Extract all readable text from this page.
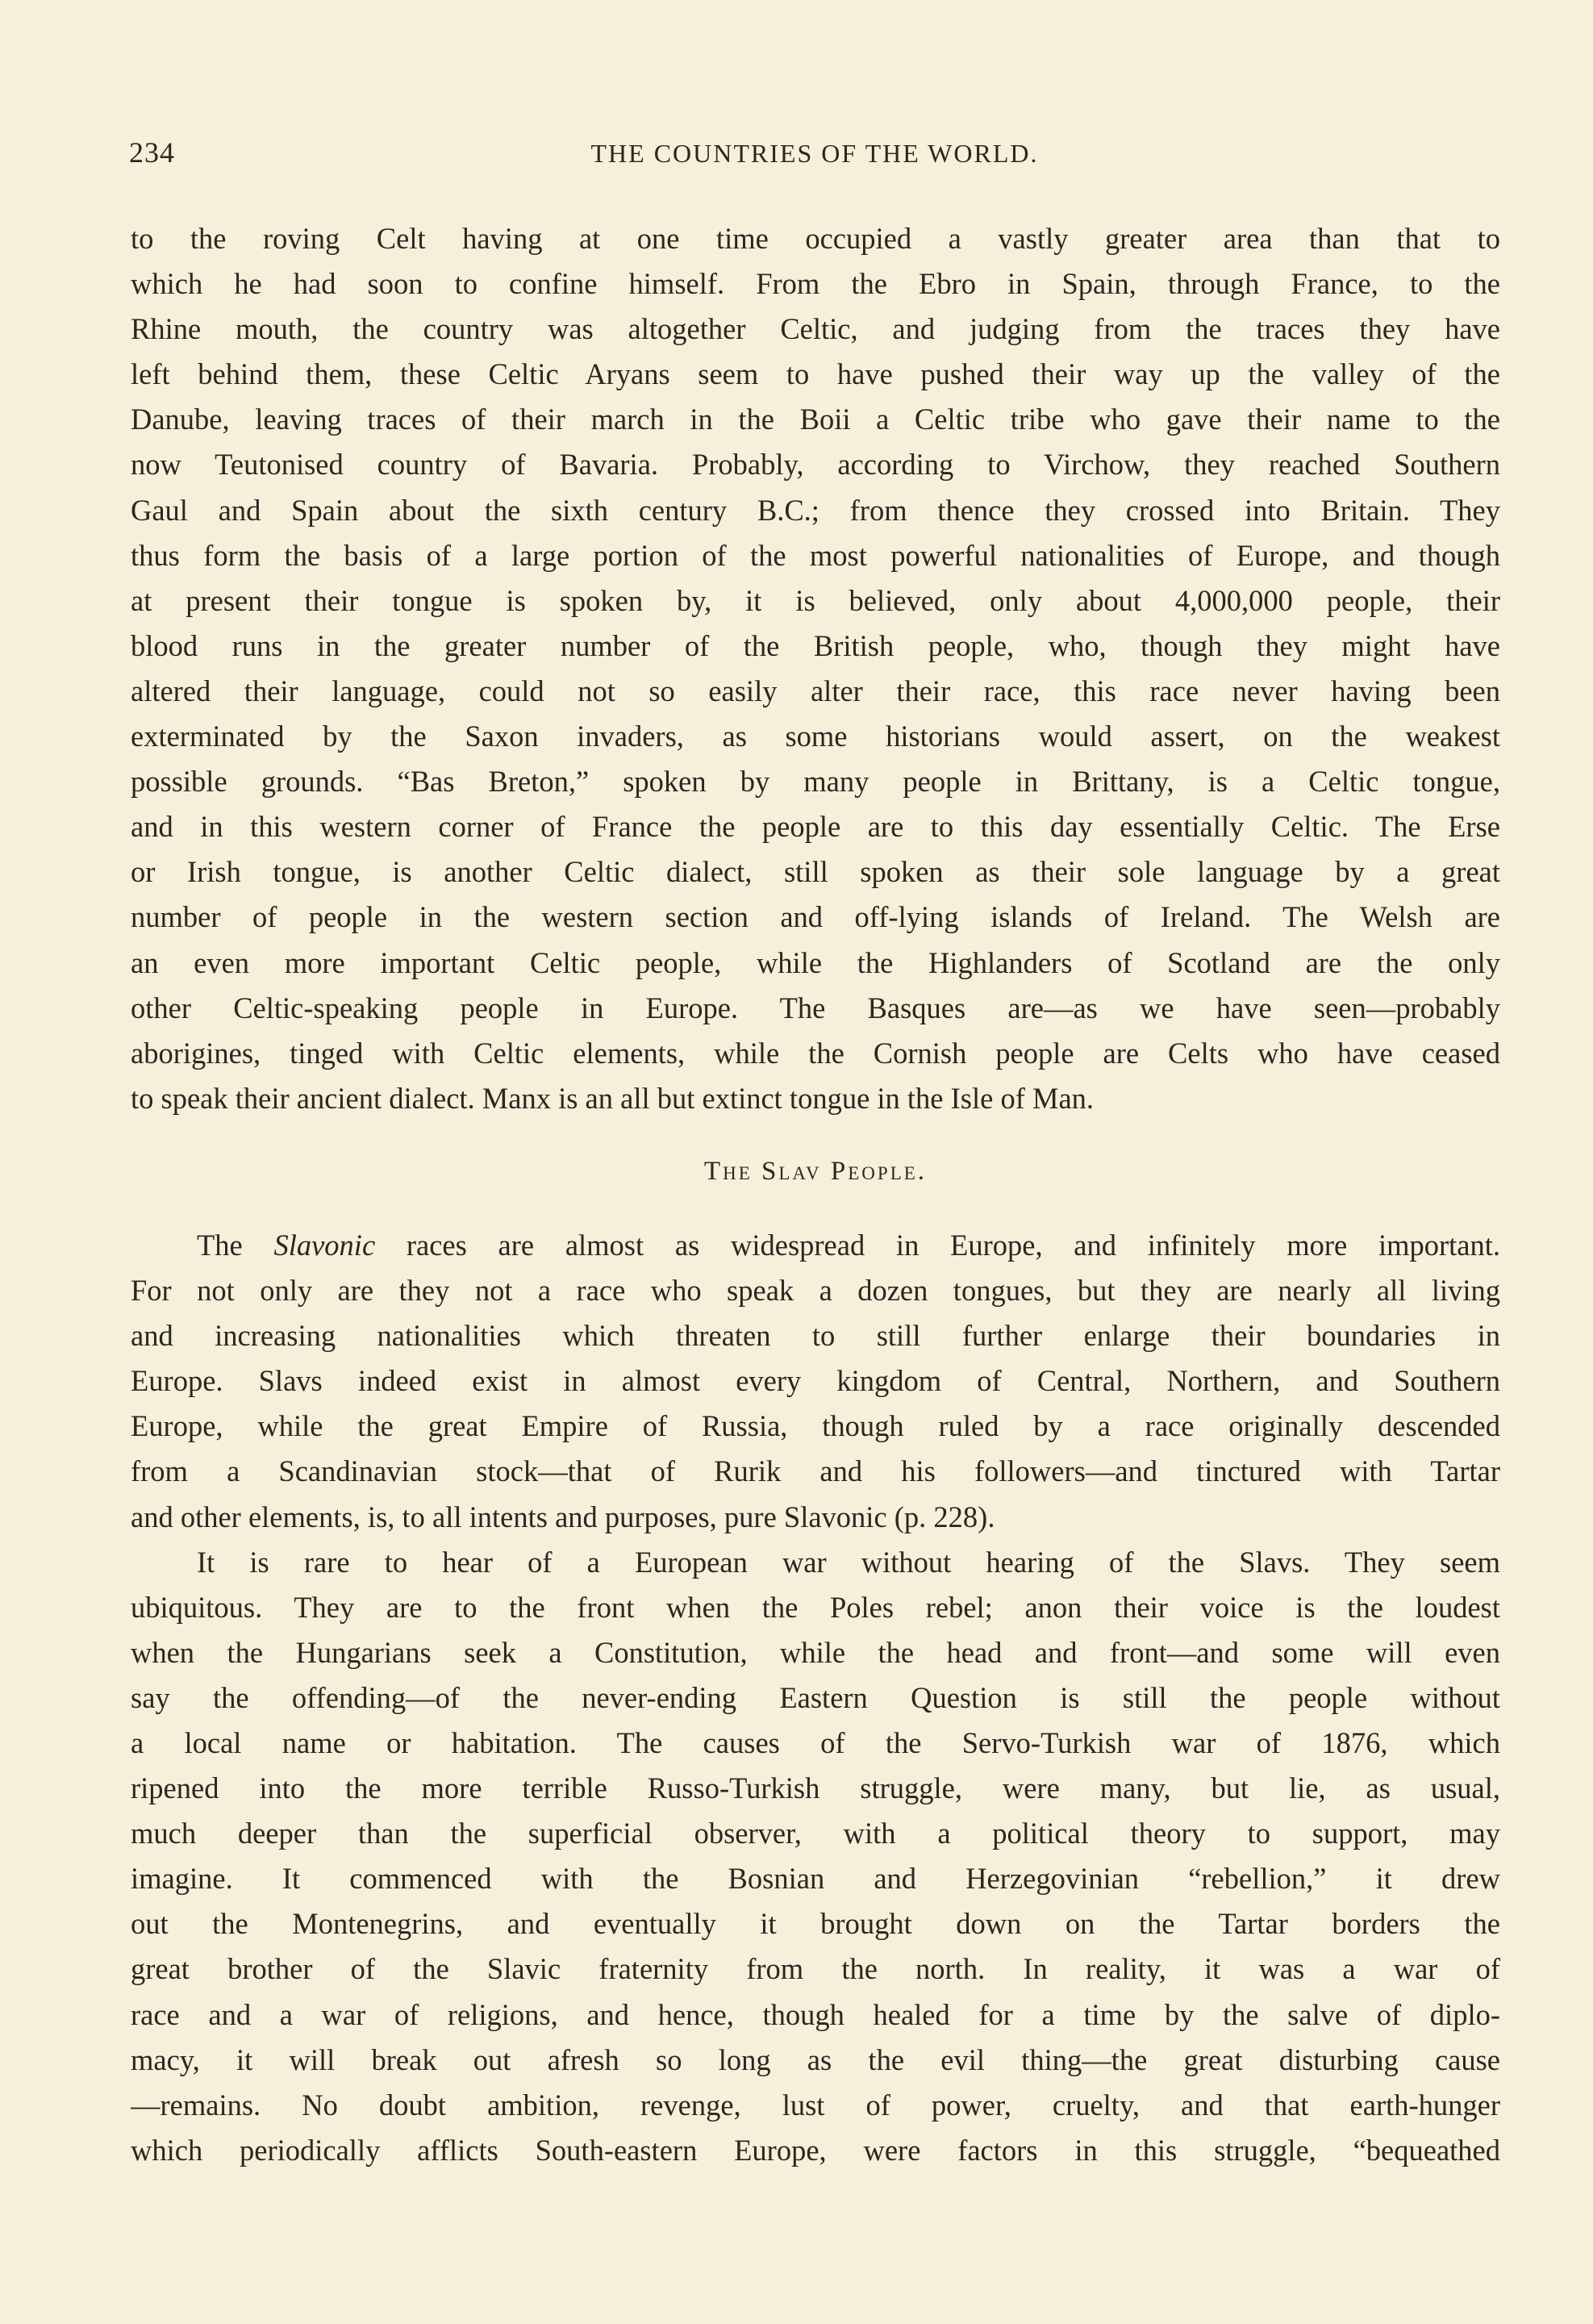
234	THE COUNTRIES OF THE WORLD.
to the roving Celt having at one time occupied a vastly greater area than that to
which he had soon to confine himself. From the Ebro in Spain, through France, to the
Rhine mouth, the country was altogether Celtic, and judging from the traces they have
left behind them, these Celtic Aryans seem to have pushed their way up the valley of the
Danube, leaving traces of their march in the Boii a Celtic tribe who gave their name to the
now Teutonised country of Bavaria. Probably, according to Virchow, they reached Southern
Gaul and Spain about the sixth century B.C.; from thence they crossed into Britain. They
thus form the basis of a large portion of the most powerful nationalities of Europe, and though
at present their tongue is spoken by, it is believed, only about 4,000,000 people, their
blood runs in the greater number of the British people, who, though they might have
altered their language, could not so easily alter their race, this race never having been
exterminated by the Saxon invaders, as some historians would assert, on the weakest
possible grounds. “Bas Breton,” spoken by many people in Brittany, is a Celtic tongue,
and in this western corner of France the people are to this day essentially Celtic. The Erse
or Irish tongue, is another Celtic dialect, still spoken as their sole language by a great
number of people in the western section and off-lying islands of Ireland. The Welsh are
an even more important Celtic people, while the Highlanders of Scotland are the only
other Celtic-speaking people in Europe. The Basques are—as we have seen—probably
aborigines, tinged with Celtic elements, while the Cornish people are Celts who have ceased
to speak their ancient dialect. Manx is an all but extinct tongue in the Isle of Man.
The Slav People.
The Slavonic races are almost as widespread in Europe, and infinitely more important.
For not only are they not a race who speak a dozen tongues, but they are nearly all living
and increasing nationalities which threaten to still further enlarge their boundaries in
Europe. Slavs indeed exist in almost every kingdom of Central, Northern, and Southern
Europe, while the great Empire of Russia, though ruled by a race originally descended
from a Scandinavian stock—that of Rurik and his followers—and tinctured with Tartar
and other elements, is, to all intents and purposes, pure Slavonic (p. 228).
It is rare to hear of a European war without hearing of the Slavs. They seem
ubiquitous. They are to the front when the Poles rebel; anon their voice is the loudest
when the Hungarians seek a Constitution, while the head and front—and some will even
say the offending—of the never-ending Eastern Question is still the people without
a local name or habitation. The causes of the Servo-Turkish war of 1876, which
ripened into the more terrible Russo-Turkish struggle, were many, but lie, as usual,
much deeper than the superficial observer, with a political theory to support, may
imagine. It commenced with the Bosnian and Herzegovinian “rebellion,” it drew
out the Montenegrins, and eventually it brought down on the Tartar borders the
great brother of the Slavic fraternity from the north. In reality, it was a war of
race and a war of religions, and hence, though healed for a time by the salve of diplo-
macy, it will break out afresh so long as the evil thing—the great disturbing cause
—remains. No doubt ambition, revenge, lust of power, cruelty, and that earth-hunger
which periodically afflicts South-eastern Europe, were factors in this struggle, “bequeathed
